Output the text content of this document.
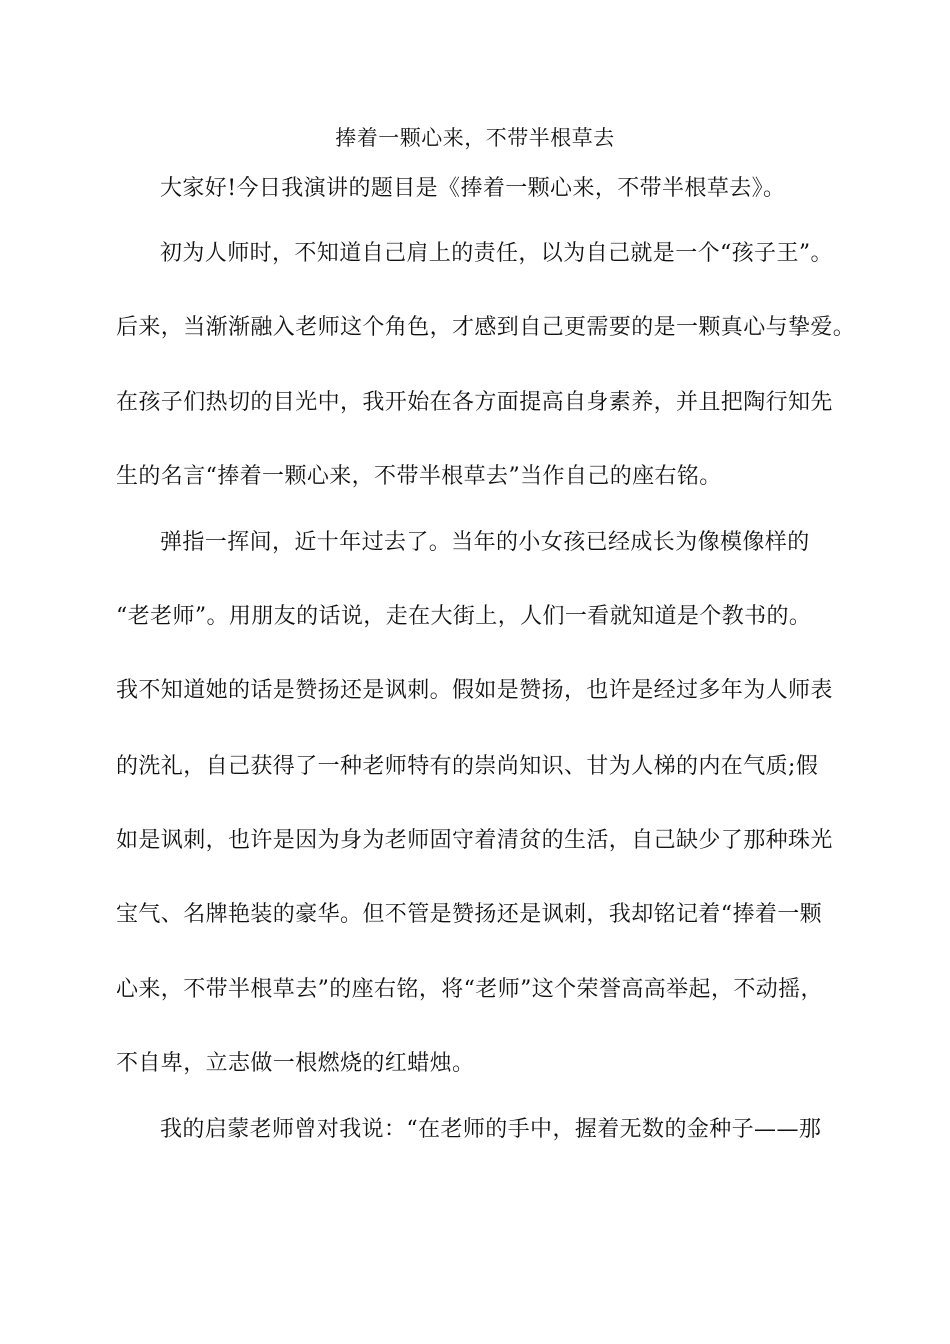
捧着一颗心来，不带半根草去
大家好!今日我演讲的题目是《捧着一颗心来，不带半根草去》。
初为人师时，不知道自己肩上的责任，以为自己就是一个“孩子王”。
后来，当渐渐融入老师这个角色，才感到自己更需要的是一颗真心与挚爱。
在孩子们热切的目光中，我开始在各方面提高自身素养，并且把陶行知先
生的名言“捧着一颗心来，不带半根草去”当作自己的座右铭。
弹指一挥间，近十年过去了。当年的小女孩已经成长为像模像样的
“老老师”。用朋友的话说，走在大街上，人们一看就知道是个教书的。
我不知道她的话是赞扬还是讽刺。假如是赞扬，也许是经过多年为人师表
的洗礼，自己获得了一种老师特有的崇尚知识、甘为人梯的内在气质;假
如是讽刺，也许是因为身为老师固守着清贫的生活，自己缺少了那种珠光
宝气、名牌艳装的豪华。但不管是赞扬还是讽刺，我却铭记着“捧着一颗
心来，不带半根草去”的座右铭，将“老师”这个荣誉高高举起，不动摇，
不自卑，立志做一根燃烧的红蜡烛。
我的启蒙老师曾对我说：“在老师的手中，握着无数的金种子——那
